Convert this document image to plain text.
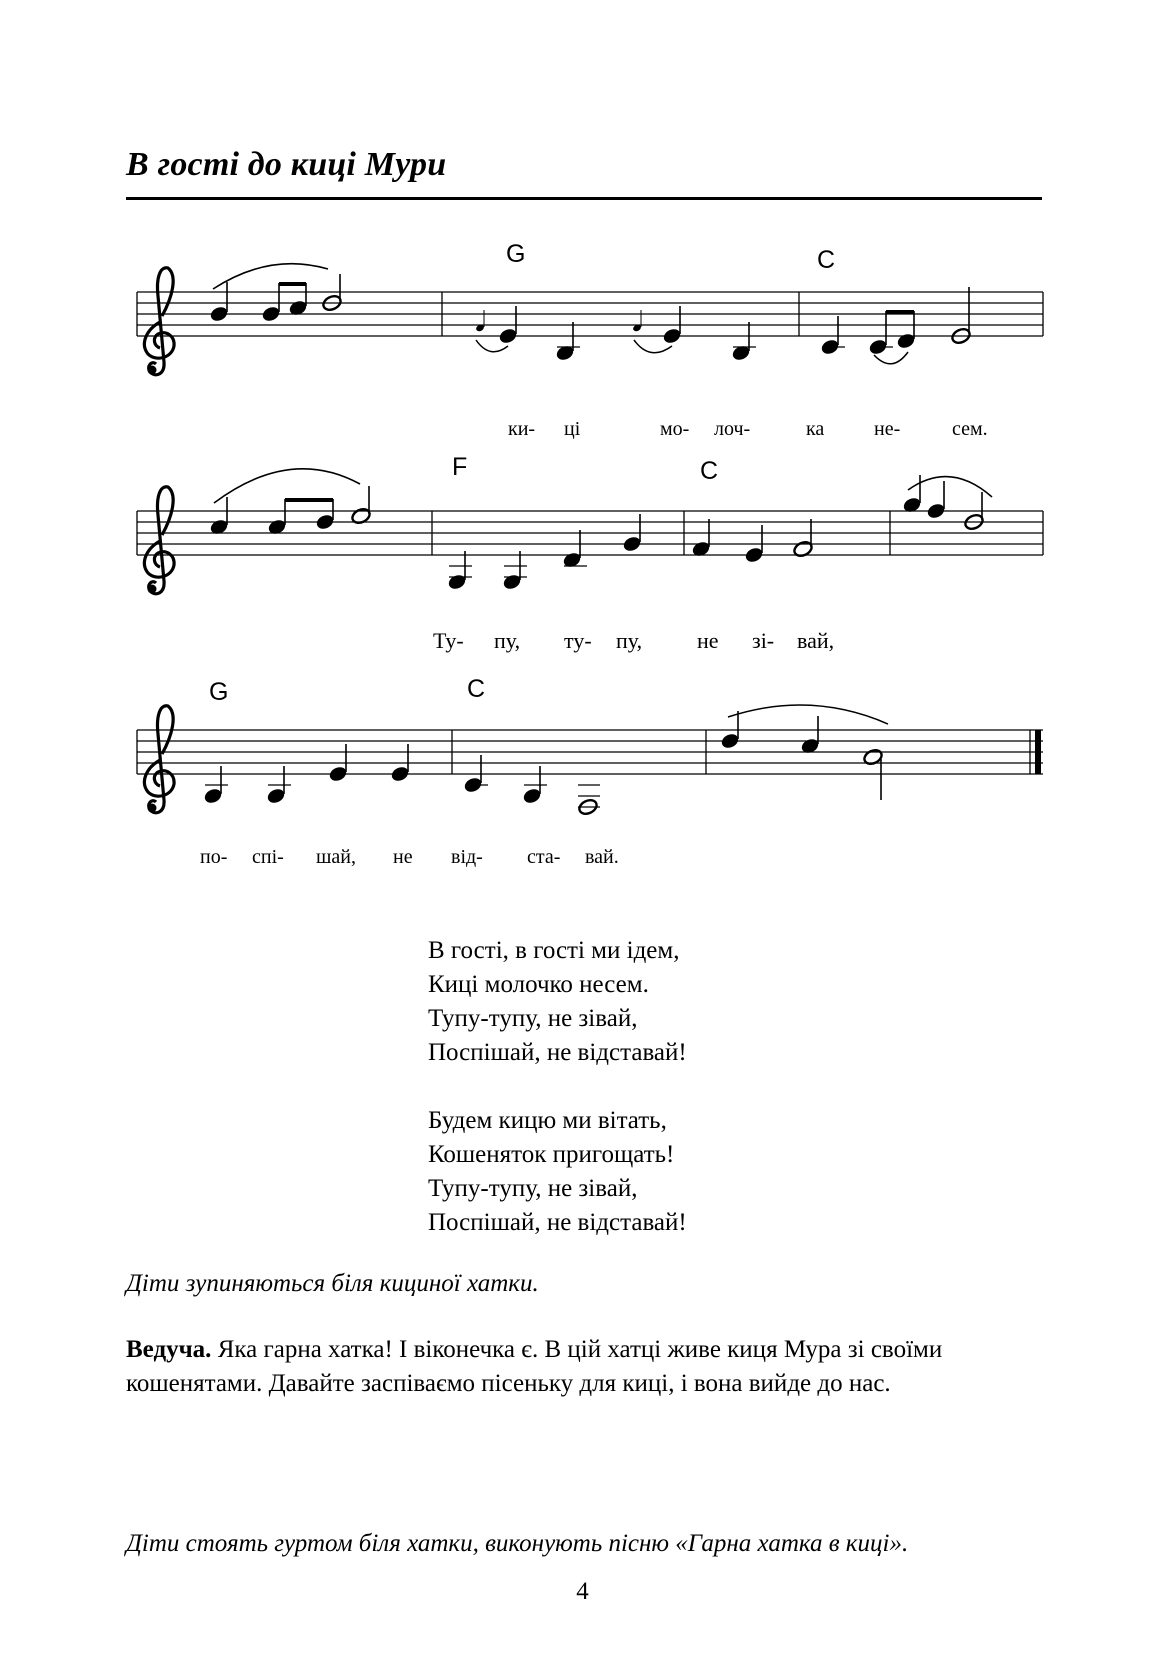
В гості до киці Мури
G	C
ки- ці	мо- лоч-	ка не-	сем.
F	C
Ту- пу, ту- пу, не зі- вай,
G	C
по- спі- шай, не від- ста- вай.
В гості, в гості ми ідем,
Киці молочко несем.
Тупу-тупу, не зівай,
Поспішай, не відставай!
Будем кицю ми вітать,
Кошеняток пригощать!
Тупу-тупу, не зівай,
Поспішай, не відставай!

Діти зупиняються біля кициної хатки.

Ведуча. Яка гарна хатка! І віконечка є. В цій хатці живе киця Мура зі своїми кошенятами. Давайте заспіваємо пісеньку для киці, і вона вийде до нас.

Діти стоять гуртом біля хатки, виконують пісню «Гарна хатка в киці».

4
